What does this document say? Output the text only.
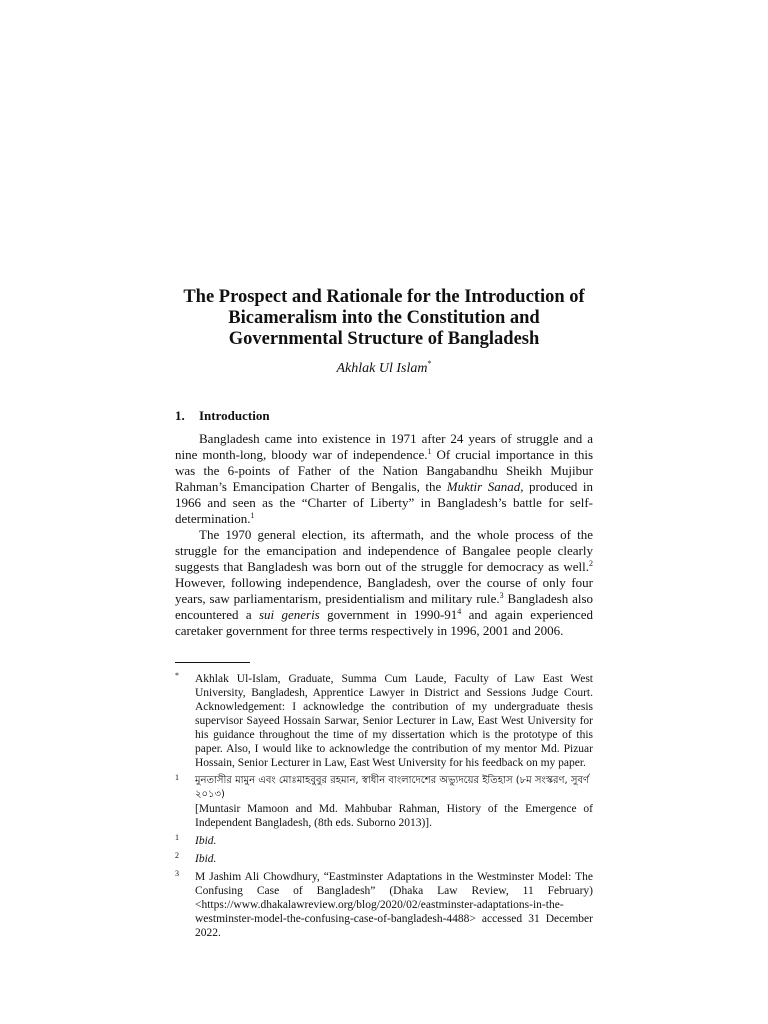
The Prospect and Rationale for the Introduction of
Bicameralism into the Constitution and
Governmental Structure of Bangladesh
Akhlak Ul Islam*
1. Introduction

Bangladesh came into existence in 1971 after 24 years of struggle and a nine month-long, bloody war of independence.$^1$ Of crucial importance in this was the 6-points of Father of the Nation Bangabandhu Sheikh Mujibur Rahman’s Emancipation Charter of Bengalis, the Muktir Sanad, produced in 1966 and seen as the “Charter of Liberty” in Bangladesh’s battle for self-determination.$^1$

The 1970 general election, its aftermath, and the whole process of the struggle for the emancipation and independence of Bangalee people clearly suggests that Bangladesh was born out of the struggle for democracy as well.$^2$ However, following independence, Bangladesh, over the course of only four years, saw parliamentarism, presidentialism and military rule.$^3$ Bangladesh also encountered a sui generis government in $1990-91^4$ and again experienced caretaker government for three terms respectively in 1996, 2001 and 2006.

* Akhlak Ul-Islam, Graduate, Summa Cum Laude, Faculty of Law East West University, Bangladesh, Apprentice Lawyer in District and Sessions Judge Court. Acknowledgement: I acknowledge the contribution of my undergraduate thesis supervisor Sayeed Hossain Sarwar, Senior Lecturer in Law, East West University for his guidance throughout the time of my dissertation which is the prototype of this paper. Also, I would like to acknowledge the contribution of my mentor Md. Pizuar Hossain, Senior Lecturer in Law, East West University for his feedback on my paper.
1 মুনতাসীর মামুন এবং মোঃমাহবুবুর রহমান, স্বাধীন বাংলাদেশের অভ্যুদয়ের ইতিহাস (৮ম সংস্করণ, সুবর্ণ ২০১৩)
[Muntasir Mamoon and Md. Mahbubar Rahman, History of the Emergence of Independent Bangladesh, (8th eds. Suborno 2013)].
1 Ibid.
2 Ibid.
3 M Jashim Ali Chowdhury, “Eastminster Adaptations in the Westminster Model: The Confusing Case of Bangladesh” (Dhaka Law Review, 11 February) <https://www.dhakalawreview.org/blog/2020/02/eastminster-adaptations-in-the-westminster-model-the-confusing-case-of-bangladesh-4488> accessed 31 December 2022.
